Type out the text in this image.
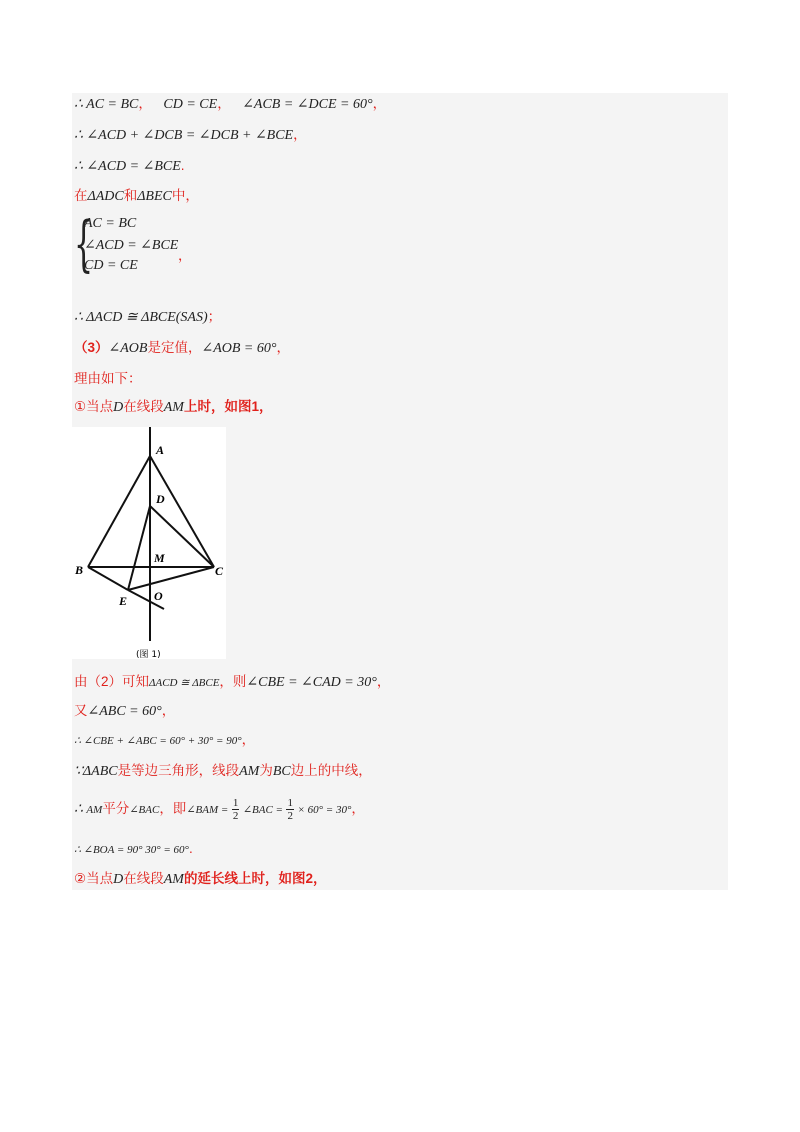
∴ AC = BC， CD = CE， ∠ACB = ∠DCE = 60°，
∴ ∠ACD + ∠DCB = ∠DCB + ∠BCE，
∴ ∠ACD = ∠BCE.
在ΔADC和ΔBEC中，
{
AC = BC
∠ACD = ∠BCE
CD = CE
，
∴ ΔACD ≅ ΔBCE(SAS)；
（3）∠AOB是定值，∠AOB = 60°，
理由如下：
①当点D在线段AM上时，如图1，
A
B	C
D
E
M
O
(图 1)
由（2）可知ΔACD ≅ ΔBCE，则∠CBE = ∠CAD = 30°，
又∠ABC = 60°，
∴ ∠CBE + ∠ABC = 60° + 30° = 90°，
∵ΔABC是等边三角形，线段AM为BC边上的中线，
∴ AM平分∠BAC，即∠BAM = $\frac{1}{2}$ ∠BAC = $\frac{1}{2} \times 60^\circ = 30^\circ$，
∴ ∠BOA = 90° 30° = 60°.
②当点D在线段AM的延长线上时，如图2，
